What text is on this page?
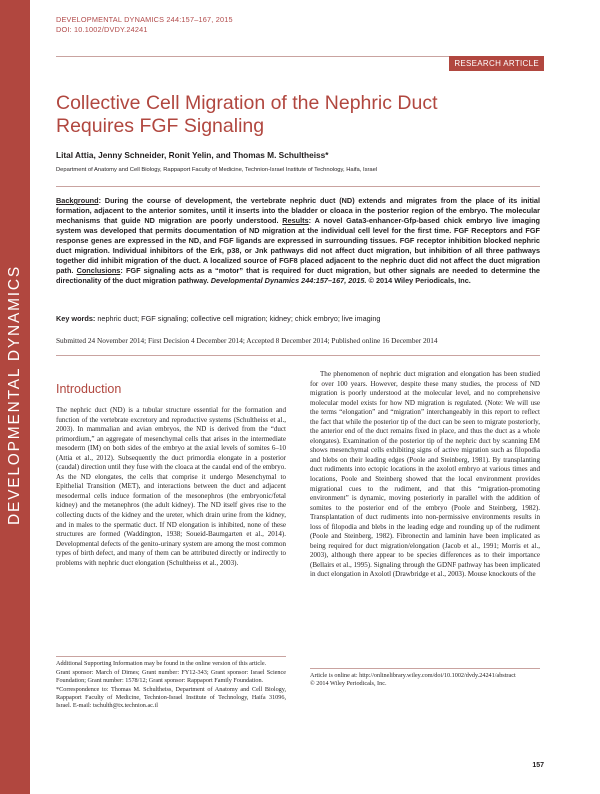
DEVELOPMENTAL DYNAMICS
DEVELOPMENTAL DYNAMICS 244:157–167, 2015
DOI: 10.1002/DVDY.24241
RESEARCH ARTICLE
Collective Cell Migration of the Nephric Duct Requires FGF Signaling
Lital Attia, Jenny Schneider, Ronit Yelin, and Thomas M. Schultheiss*
Department of Anatomy and Cell Biology, Rappaport Faculty of Medicine, Technion-Israel Institute of Technology, Haifa, Israel
Background: During the course of development, the vertebrate nephric duct (ND) extends and migrates from the place of its initial formation, adjacent to the anterior somites, until it inserts into the bladder or cloaca in the posterior region of the embryo. The molecular mechanisms that guide ND migration are poorly understood. Results: A novel Gata3-enhancer-Gfp-based chick embryo live imaging system was developed that permits documentation of ND migration at the individual cell level for the first time. FGF Receptors and FGF response genes are expressed in the ND, and FGF ligands are expressed in surrounding tissues. FGF receptor inhibition blocked nephric duct migration. Individual inhibitors of the Erk, p38, or Jnk pathways did not affect duct migration, but inhibition of all three pathways together did inhibit migration of the duct. A localized source of FGF8 placed adjacent to the nephric duct did not affect the duct migration path. Conclusions: FGF signaling acts as a “motor” that is required for duct migration, but other signals are needed to determine the directionality of the duct migration pathway. Developmental Dynamics 244:157–167, 2015. © 2014 Wiley Periodicals, Inc.
Key words: nephric duct; FGF signaling; collective cell migration; kidney; chick embryo; live imaging
Submitted 24 November 2014; First Decision 4 December 2014; Accepted 8 December 2014; Published online 16 December 2014
Introduction

The nephric duct (ND) is a tubular structure essential for the formation and function of the vertebrate excretory and reproductive systems (Schultheiss et al., 2003). In mammalian and avian embryos, the ND is derived from the “duct primordium,” an aggregate of mesenchymal cells that arises in the intermediate mesoderm (IM) on both sides of the embryo at the axial levels of somites 6–10 (Attia et al., 2012). Subsequently the duct primordia elongate in a posterior (caudal) direction until they fuse with the cloaca at the caudal end of the embryo. As the ND elongates, the cells that comprise it undergo Mesenchymal to Epithelial Transition (MET), and interactions between the duct and adjacent mesodermal cells induce formation of the mesonephros (the embryonic/fetal kidney) and the metanephros (the adult kidney). The ND itself gives rise to the collecting ducts of the kidney and the ureter, which drain urine from the kidney, and in males to the spermatic duct. If ND elongation is inhibited, none of these structures are formed (Waddington, 1938; Soueid-Baumgarten et al., 2014). Developmental defects of the genito-urinary system are among the most common types of birth defect, and many of them can be attributed directly or indirectly to problems with nephric duct elongation (Schultheiss et al., 2003).

The phenomenon of nephric duct migration and elongation has been studied for over 100 years. However, despite these many studies, the process of ND migration is poorly understood at the molecular level, and no comprehensive molecular model exists for how ND migration is regulated. (Note: We will use the terms “elongation” and “migration” interchangeably in this report to reflect the fact that while the posterior tip of the duct can be seen to migrate posteriorly, the anterior end of the duct remains fixed in place, and thus the duct as a whole elongates). Examination of the posterior tip of the nephric duct by scanning EM shows mesenchymal cells exhibiting signs of active migration such as filopodia and blebs on their leading edges (Poole and Steinberg, 1981). By transplanting duct rudiments into ectopic locations in the axolotl embryo at various times and locations, Poole and Steinberg showed that the local environment provides migrational cues to the rudiment, and that this “migration-promoting environment” is dynamic, moving posteriorly in parallel with the addition of somites to the posterior end of the embryo (Poole and Steinberg, 1982). Transplantation of duct rudiments into non-permissive environments results in loss of filopodia and blebs in the leading edge and rounding up of the rudiment (Poole and Steinberg, 1982). Fibronectin and laminin have been implicated as being required for duct migration/elongation (Jacob et al., 1991; Morris et al., 2003), although there appear to be species differences as to their importance (Bellairs et al., 1995). Signaling through the GDNF pathway has been implicated in duct elongation in Axolotl (Drawbridge et al., 2003). Mouse knockouts of the

Additional Supporting Information may be found in the online version of this article.

Grant sponsor: March of Dimes; Grant number: FY12-343; Grant sponsor: Israel Science Foundation; Grant number: 1578/12; Grant sponsor: Rappaport Family Foundation.

*Correspondence to: Thomas M. Schultheiss, Department of Anatomy and Cell Biology, Rappaport Faculty of Medicine, Technion-Israel Institute of Technology, Haifa 31096, Israel. E-mail: tschulth@tx.technion.ac.il

Article is online at: http://onlinelibrary.wiley.com/doi/10.1002/dvdy.24241/abstract
© 2014 Wiley Periodicals, Inc.
157
